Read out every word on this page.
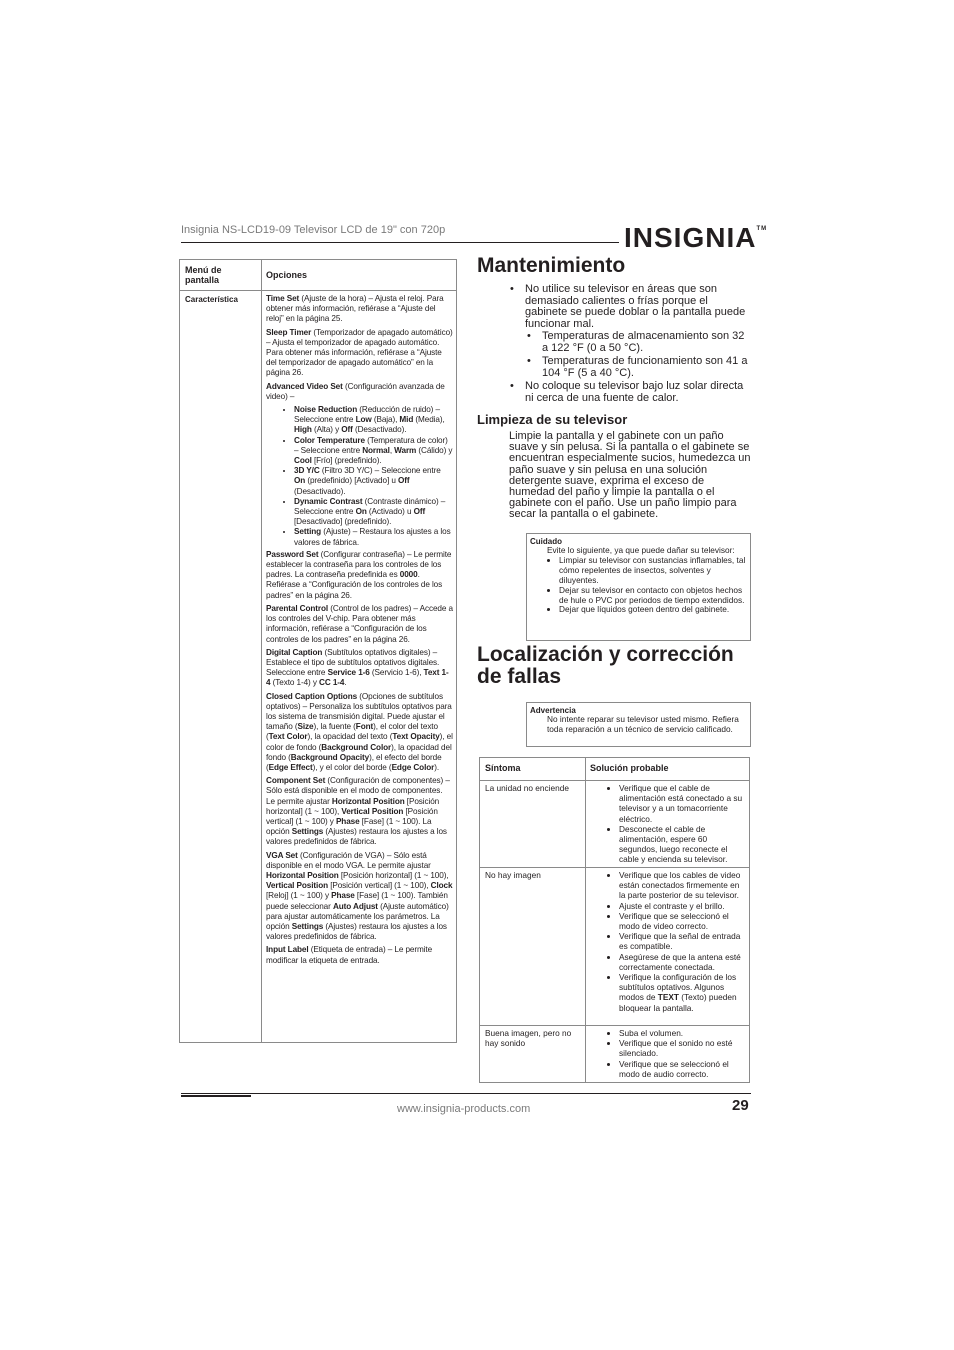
Insignia NS-LCD19-09 Televisor LCD de 19" con 720p	INSIGNIA™
Menú de pantalla	Opciones
Característica	Time Set (Ajuste de la hora) – Ajusta el reloj. Para obtener más información, refiérase a “Ajuste del reloj” en la página 25.

Sleep Timer (Temporizador de apagado automático) – Ajusta el temporizador de apagado automático. Para obtener más información, refiérase a “Ajuste del temporizador de apagado automático” en la página 26.

Advanced Video Set (Configuración avanzada de video) –

• Noise Reduction (Reducción de ruido) – Seleccione entre Low (Baja), Mid (Media), High (Alta) y Off (Desactivado).
• Color Temperature (Temperatura de color) – Seleccione entre Normal, Warm (Cálido) y Cool [Frío] (predefinido).
• 3D Y/C (Filtro 3D Y/C) – Seleccione entre On (predefinido) [Activado] u Off (Desactivado).
• Dynamic Contrast (Contraste dinámico) – Seleccione entre On (Activado) u Off [Desactivado] (predefinido).
• Setting (Ajuste) – Restaura los ajustes a los valores de fábrica.

Password Set (Configurar contraseña) – Le permite establecer la contraseña para los controles de los padres. La contraseña predefinida es 0000. Refiérase a “Configuración de los controles de los padres” en la página 26.

Parental Control (Control de los padres) – Accede a los controles del V-chip. Para obtener más información, refiérase a “Configuración de los controles de los padres” en la página 26.

Digital Caption (Subtítulos optativos digitales) – Establece el tipo de subtítulos optativos digitales. Seleccione entre Service 1-6 (Servicio 1-6), Text 1-4 (Texto 1-4) y CC 1-4.

Closed Caption Options (Opciones de subtítulos optativos) – Personaliza los subtítulos optativos para los sistema de transmisión digital. Puede ajustar el tamaño (Size), la fuente (Font), el color del texto (Text Color), la opacidad del texto (Text Opacity), el color de fondo (Background Color), la opacidad del fondo (Background Opacity), el efecto del borde (Edge Effect), y el color del borde (Edge Color).

Component Set (Configuración de componentes) – Sólo está disponible en el modo de componentes. Le permite ajustar Horizontal Position [Posición horizontal] (1 ~ 100), Vertical Position [Posición vertical] (1 ~ 100) y Phase [Fase] (1 ~ 100). La opción Settings (Ajustes) restaura los ajustes a los valores predefinidos de fábrica.

VGA Set (Configuración de VGA) – Sólo está disponible en el modo VGA. Le permite ajustar Horizontal Position [Posición horizontal] (1 ~ 100), Vertical Position [Posición vertical] (1 ~ 100), Clock [Reloj] (1 ~ 100) y Phase [Fase] (1 ~ 100). También puede seleccionar Auto Adjust (Ajuste automático) para ajustar automáticamente los parámetros. La opción Settings (Ajustes) restaura los ajustes a los valores predefinidos de fábrica.

Input Label (Etiqueta de entrada) – Le permite modificar la etiqueta de entrada.

Mantenimiento
• No utilice su televisor en áreas que son demasiado calientes o frías porque el gabinete se puede doblar o la pantalla puede funcionar mal.
• Temperaturas de almacenamiento son 32 a 122 °F (0 a 50 °C).
• Temperaturas de funcionamiento son 41 a 104 °F (5 a 40 °C).
• No coloque su televisor bajo luz solar directa ni cerca de una fuente de calor.
Limpieza de su televisor
Limpie la pantalla y el gabinete con un paño suave y sin pelusa. Si la pantalla o el gabinete se encuentran especialmente sucios, humedezca un paño suave y sin pelusa en una solución detergente suave, exprima el exceso de humedad del paño y limpie la pantalla o el gabinete con el paño. Use un paño limpio para secar la pantalla o el gabinete.
Cuidado
Evite lo siguiente, ya que puede dañar su televisor:
• Limpiar su televisor con sustancias inflamables, tal cómo repelentes de insectos, solventes y diluyentes.
• Dejar su televisor en contacto con objetos hechos de hule o PVC por periodos de tiempo extendidos.
• Dejar que líquidos goteen dentro del gabinete.
Localización y corrección
de fallas
Advertencia
No intente reparar su televisor usted mismo. Refiera toda reparación a un técnico de servicio calificado.
Síntoma	Solución probable
La unidad no enciende	• Verifique que el cable de alimentación está conectado a su televisor y a un tomacorriente eléctrico.
• Desconecte el cable de alimentación, espere 60 segundos, luego reconecte el cable y encienda su televisor.
No hay imagen	• Verifique que los cables de video están conectados firmemente en la parte posterior de su televisor.
• Ajuste el contraste y el brillo.
• Verifique que se seleccionó el modo de video correcto.
• Verifique que la señal de entrada es compatible.
• Asegúrese de que la antena esté correctamente conectada.
• Verifique la configuración de los subtítulos optativos. Algunos modos de TEXT (Texto) pueden bloquear la pantalla.
Buena imagen, pero no hay sonido
• Suba el volumen.
• Verifique que el sonido no esté silenciado.
• Verifique que se seleccionó el modo de audio correcto.
www.insignia-products.com	29
